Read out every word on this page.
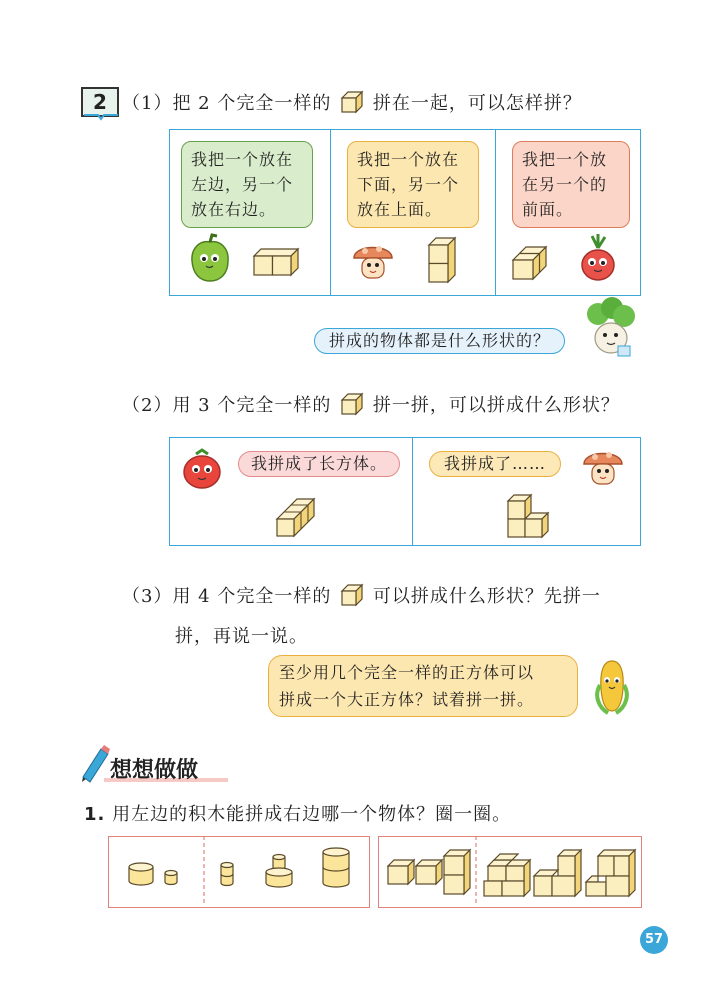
2 （1）把 2 个完全一样的 拼在一起，可以怎样拼？
我把一个放在
左边，另一个
放在右边。
我把一个放在
下面，另一个
放在上面。
我把一个放
在另一个的
前面。
拼成的物体都是什么形状的？
（2）用 3 个完全一样的 拼一拼，可以拼成什么形状？
我拼成了长方体。	我拼成了……
（3）用 4 个完全一样的 可以拼成什么形状？先拼一
拼，再说一说。
至少用几个完全一样的正方体可以
拼成一个大正方体？试着拼一拼。
想想做做
1. 用左边的积木能拼成右边哪一个物体？圈一圈。
57
